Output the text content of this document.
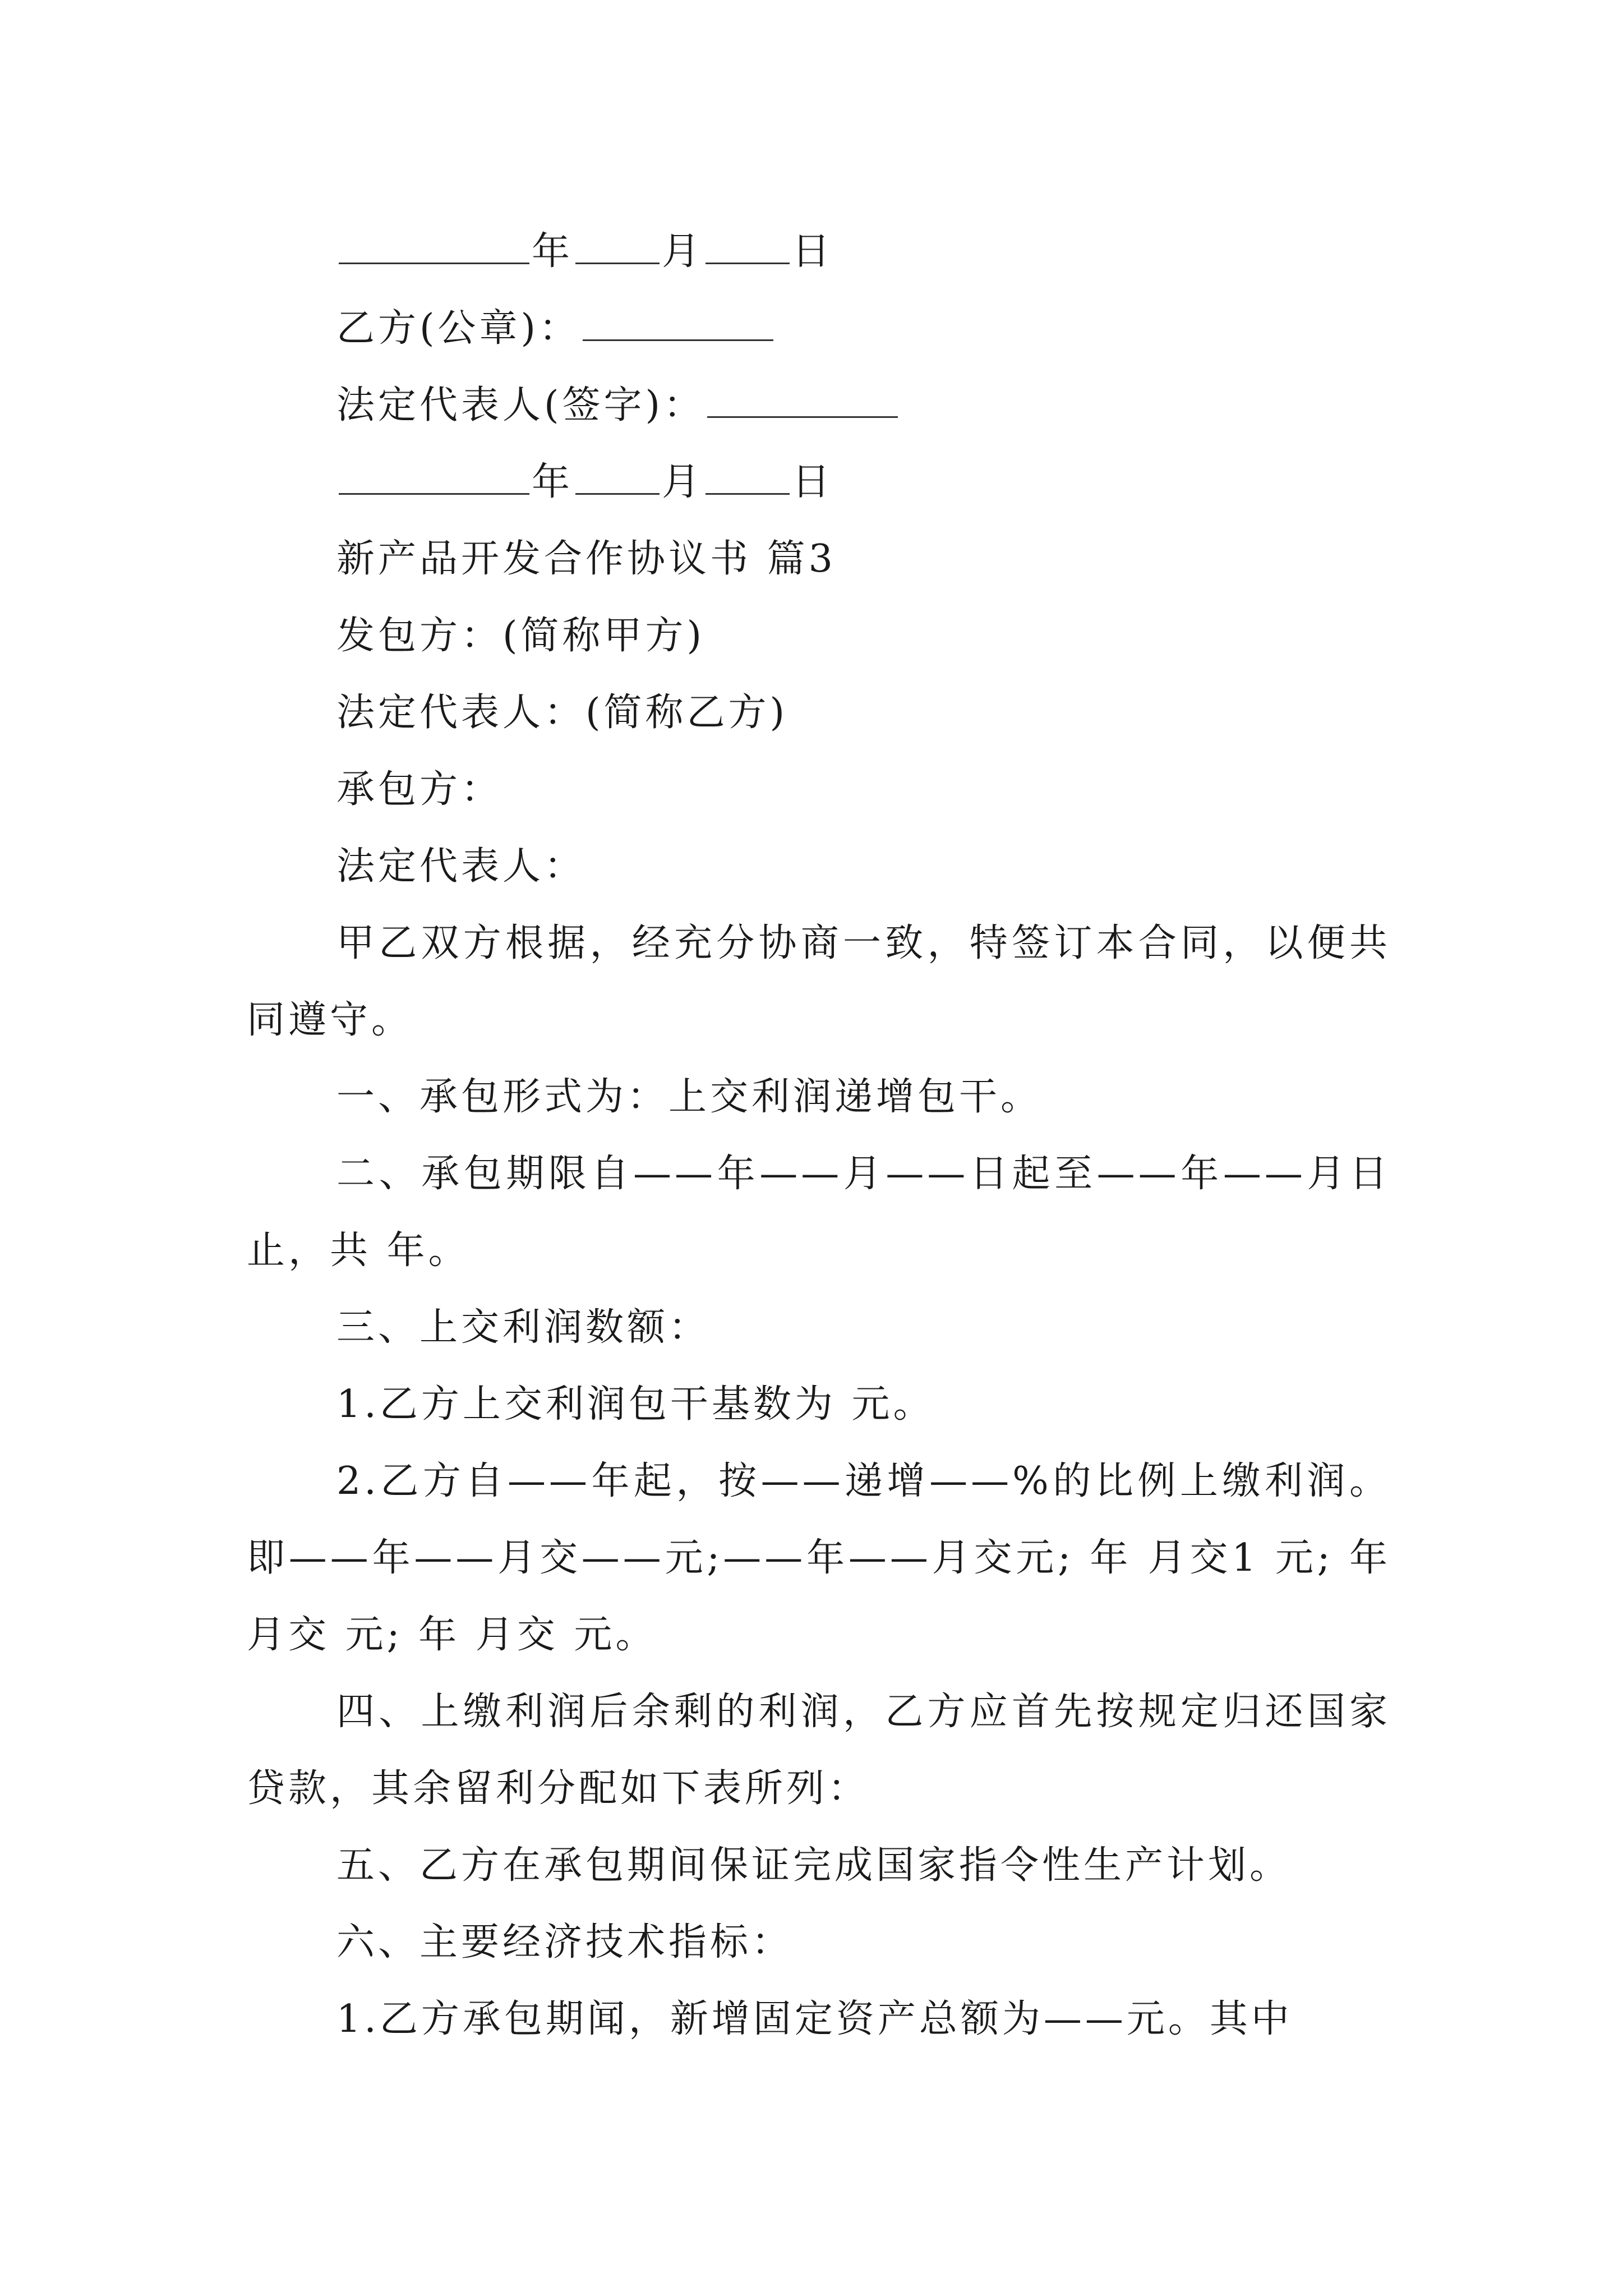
年 月 日

乙方(公章)：

法定代表人(签字)：

年 月 日

新产品开发合作协议书 篇3

发包方：(简称甲方)

法定代表人：(简称乙方)

承包方：

法定代表人：

甲乙双方根据，经充分协商一致，特签订本合同，以便共同遵守。

一、承包形式为：上交利润递增包干。

二、承包期限自——年——月——日起至——年——月日止，共 年。

三、上交利润数额：

1.乙方上交利润包干基数为 元。

2.乙方自——年起，按——递增——%的比例上缴利润。即——年——月交——元;——年——月交元; 年 月交1 元; 年 月交 元; 年 月交 元。

四、上缴利润后余剩的利润，乙方应首先按规定归还国家贷款，其余留利分配如下表所列：

五、乙方在承包期间保证完成国家指令性生产计划。

六、主要经济技术指标：

1.乙方承包期闻，新增固定资产总额为——元。其中
